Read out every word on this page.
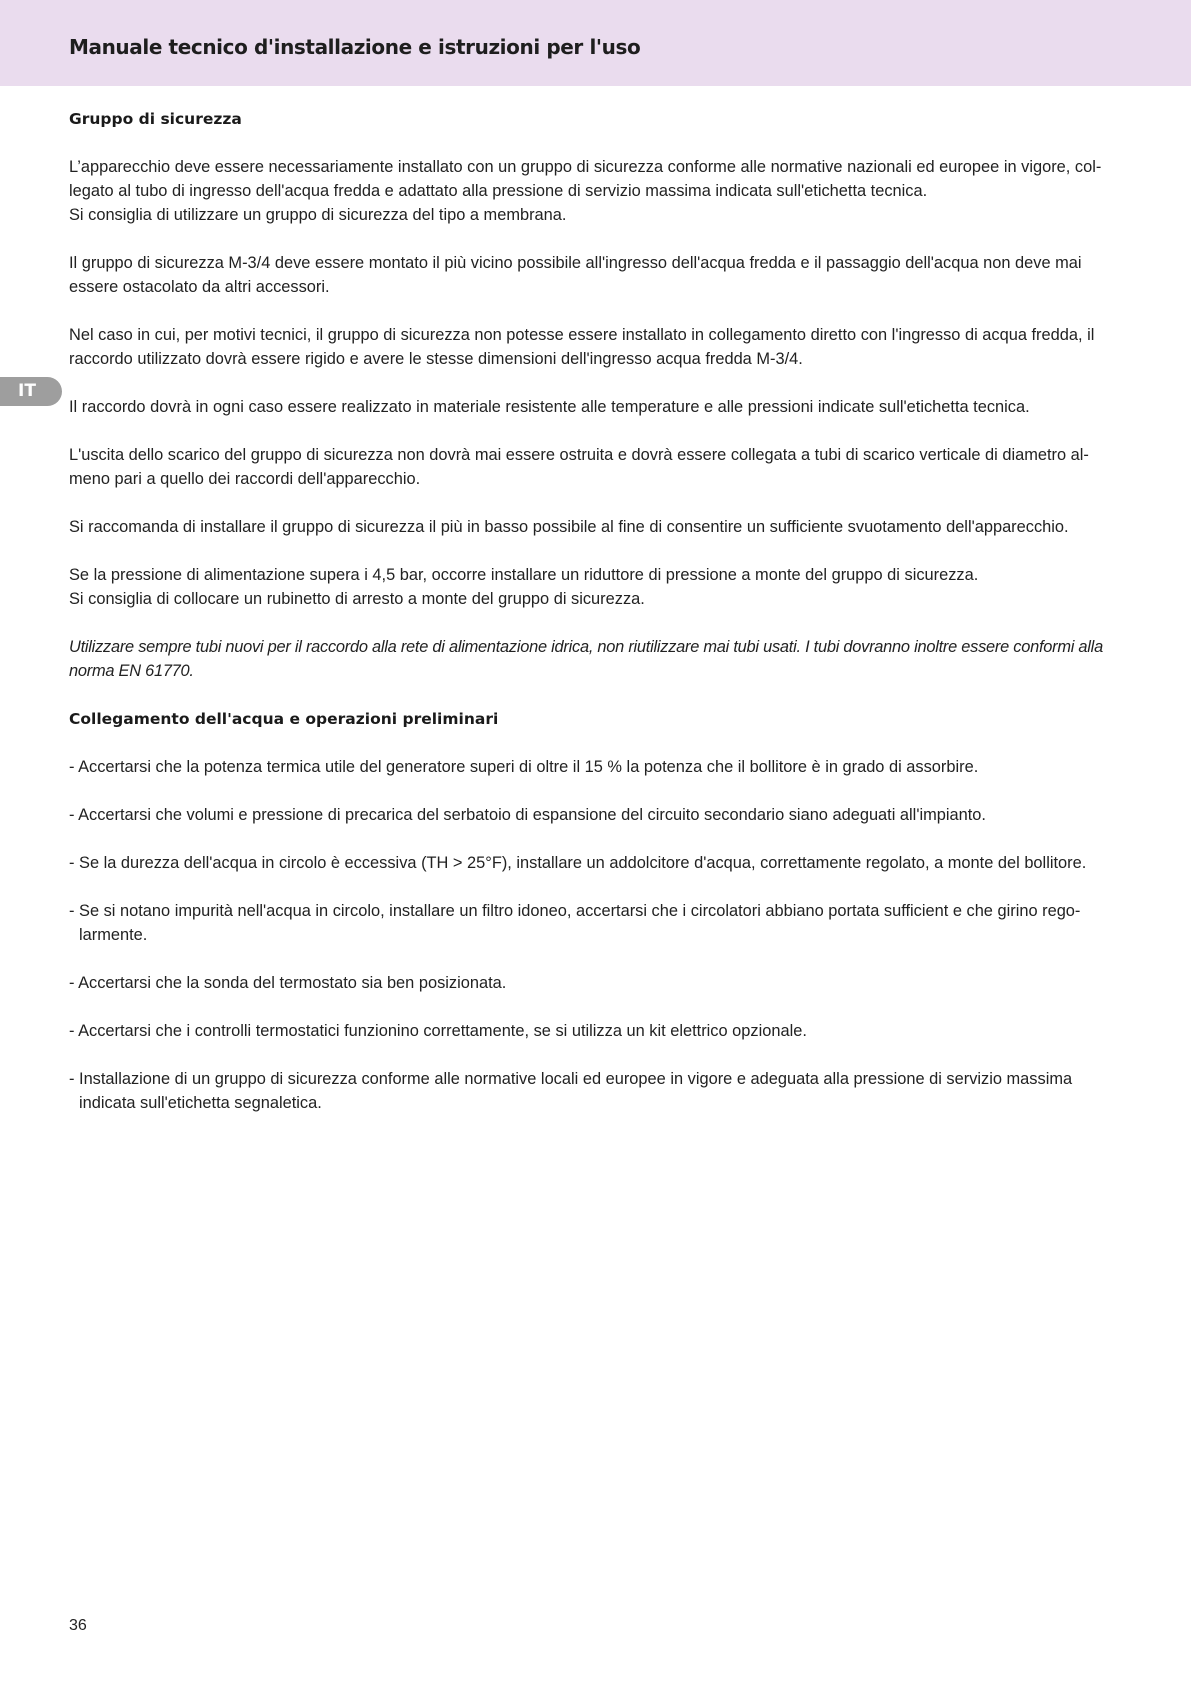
Manuale tecnico d'installazione e istruzioni per l'uso
IT

Gruppo di sicurezza

L’apparecchio deve essere necessariamente installato con un gruppo di sicurezza conforme alle normative nazionali ed europee in vigore, col-legato al tubo di ingresso dell'acqua fredda e adattato alla pressione di servizio massima indicata sull'etichetta tecnica.

Si consiglia di utilizzare un gruppo di sicurezza del tipo a membrana.

Il gruppo di sicurezza M-3/4 deve essere montato il più vicino possibile all'ingresso dell'acqua fredda e il passaggio dell'acqua non deve mai essere ostacolato da altri accessori.

Nel caso in cui, per motivi tecnici, il gruppo di sicurezza non potesse essere installato in collegamento diretto con l'ingresso di acqua fredda, il raccordo utilizzato dovrà essere rigido e avere le stesse dimensioni dell'ingresso acqua fredda M-3/4.

Il raccordo dovrà in ogni caso essere realizzato in materiale resistente alle temperature e alle pressioni indicate sull'etichetta tecnica.

L'uscita dello scarico del gruppo di sicurezza non dovrà mai essere ostruita e dovrà essere collegata a tubi di scarico verticale di diametro al-meno pari a quello dei raccordi dell'apparecchio.

Si raccomanda di installare il gruppo di sicurezza il più in basso possibile al fine di consentire un sufficiente svuotamento dell'apparecchio.

Se la pressione di alimentazione supera i 4,5 bar, occorre installare un riduttore di pressione a monte del gruppo di sicurezza.

Si consiglia di collocare un rubinetto di arresto a monte del gruppo di sicurezza.

Utilizzare sempre tubi nuovi per il raccordo alla rete di alimentazione idrica, non riutilizzare mai tubi usati. I tubi dovranno inoltre essere conformi alla norma EN 61770.

Collegamento dell'acqua e operazioni preliminari

- Accertarsi che la potenza termica utile del generatore superi di oltre il 15 % la potenza che il bollitore è in grado di assorbire.

- Accertarsi che volumi e pressione di precarica del serbatoio di espansione del circuito secondario siano adeguati all'impianto.

- Se la durezza dell'acqua in circolo è eccessiva (TH > 25°F), installare un addolcitore d'acqua, correttamente regolato, a monte del bollitore.

- Se si notano impurità nell'acqua in circolo, installare un filtro idoneo, accertarsi che i circolatori abbiano portata sufficient e che girino rego-larmente.

- Accertarsi che la sonda del termostato sia ben posizionata.

- Accertarsi che i controlli termostatici funzionino correttamente, se si utilizza un kit elettrico opzionale.

- Installazione di un gruppo di sicurezza conforme alle normative locali ed europee in vigore e adeguata alla pressione di servizio massima indicata sull'etichetta segnaletica.

36
